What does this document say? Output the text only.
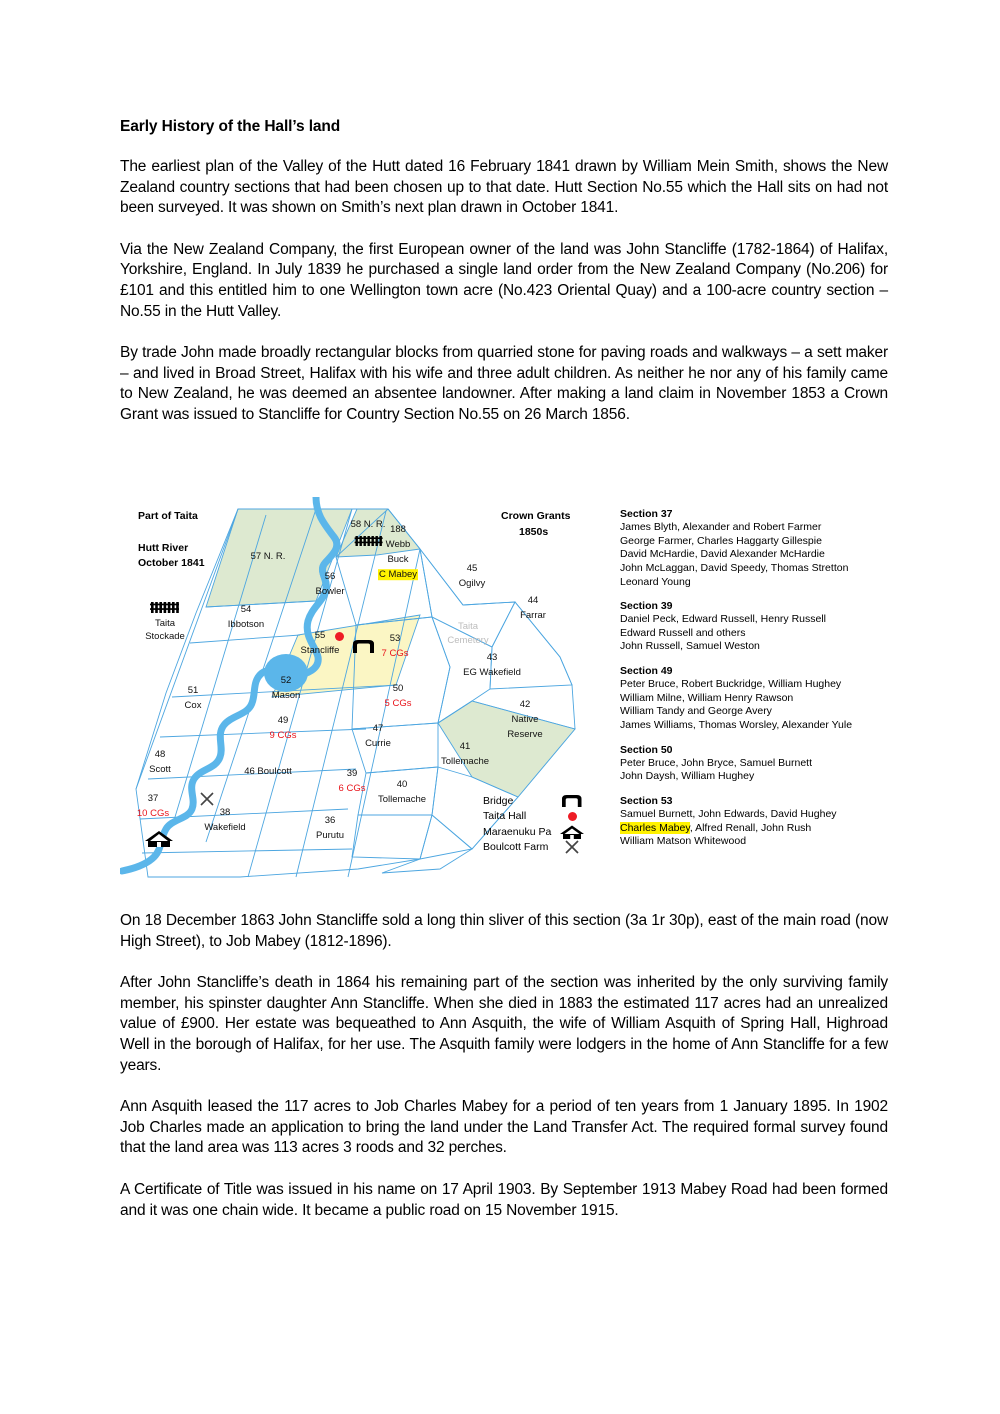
Early History of the Hall’s land

The earliest plan of the Valley of the Hutt dated 16 February 1841 drawn by William Mein Smith, shows the New Zealand country sections that had been chosen up to that date. Hutt Section No.55 which the Hall sits on had not been surveyed. It was shown on Smith’s next plan drawn in October 1841.

Via the New Zealand Company, the first European owner of the land was John Stancliffe (1782-1864) of Halifax, Yorkshire, England. In July 1839 he purchased a single land order from the New Zealand Company (No.206) for £101 and this entitled him to one Wellington town acre (No.423 Oriental Quay) and a 100-acre country section – No.55 in the Hutt Valley.

By trade John made broadly rectangular blocks from quarried stone for paving roads and walkways – a sett maker – and lived in Broad Street, Halifax with his wife and three adult children. As neither he nor any of his family came to New Zealand, he was deemed an absentee landowner. After making a land claim in November 1853 a Crown Grant was issued to Stancliffe for Country Section No.55 on 26 March 1856.

Part of Taita
Hutt River
October 1841
Crown Grants
1850s
Taita
Stockade
57 N. R.
58 N. R. 188
Webb
Buck
C Mabey
56
Bowler
54
Ibbotson
55
Stancliffe
53
7 CGs
45
Ogilvy
44
Farrar
Taita
Cemetery
43
EG Wakefield
42
Native
Reserve
52
Mason
51
Cox
50
5 CGs
49
9 CGs
48
Scott
47
Currie
46 Boulcott
41
Tollemache
40
Tollemache
39
6 CGs
38
Wakefield
37
10 CGs
36
Purutu
Bridge
Taita Hall
Maraenuku Pa
Boulcott Farm
Section 37
James Blyth, Alexander and Robert Farmer
George Farmer, Charles Haggarty Gillespie
David McHardie, David Alexander McHardie
John McLaggan, David Speedy, Thomas Stretton
Leonard Young
Section 39
Daniel Peck, Edward Russell, Henry Russell
Edward Russell and others
John Russell, Samuel Weston
Section 49
Peter Bruce, Robert Buckridge, William Hughey
William Milne, William Henry Rawson
William Tandy and George Avery
James Williams, Thomas Worsley, Alexander Yule
Section 50
Peter Bruce, John Bryce, Samuel Burnett
John Daysh, William Hughey
Section 53
Samuel Burnett, John Edwards, David Hughey
Charles Mabey, Alfred Renall, John Rush
William Matson Whitewood

On 18 December 1863 John Stancliffe sold a long thin sliver of this section (3a 1r 30p), east of the main road (now High Street), to Job Mabey (1812-1896).

After John Stancliffe’s death in 1864 his remaining part of the section was inherited by the only surviving family member, his spinster daughter Ann Stancliffe. When she died in 1883 the estimated 117 acres had an unrealized value of £900. Her estate was bequeathed to Ann Asquith, the wife of William Asquith of Spring Hall, Highroad Well in the borough of Halifax, for her use. The Asquith family were lodgers in the home of Ann Stancliffe for a few years.

Ann Asquith leased the 117 acres to Job Charles Mabey for a period of ten years from 1 January 1895. In 1902 Job Charles made an application to bring the land under the Land Transfer Act. The required formal survey found that the land area was 113 acres 3 roods and 32 perches.

A Certificate of Title was issued in his name on 17 April 1903. By September 1913 Mabey Road had been formed and it was one chain wide. It became a public road on 15 November 1915.
